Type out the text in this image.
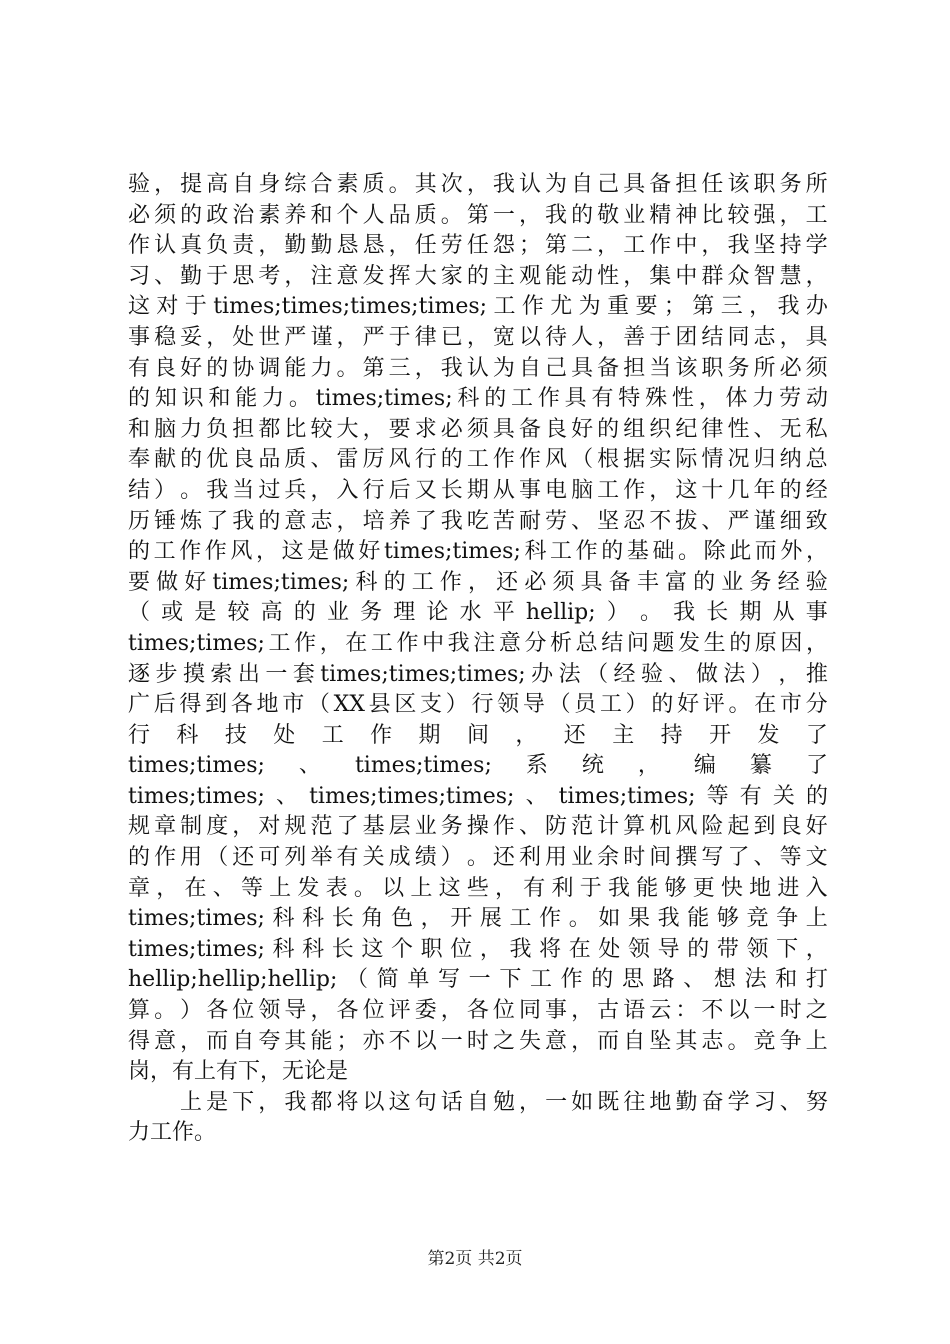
验 ， 提 高 自 身 综 合 素 质 。 其 次 ， 我 认 为 自 己 具 备 担 任 该 职 务 所
必 须 的 政 治 素 养 和 个 人 品 质 。 第 一 ， 我 的 敬 业 精 神 比 较 强 ， 工
作 认 真 负 责 ， 勤 勤 恳 恳 ， 任 劳 任 怨 ； 第 二 ， 工 作 中 ， 我 坚 持 学
习 、 勤 于 思 考 ， 注 意 发 挥 大 家 的 主 观 能 动 性 ， 集 中 群 众 智 慧 ，
这 对 于 times;times;times;times; 工 作 尤 为 重 要 ； 第 三 ， 我 办
事 稳 妥 ， 处 世 严 谨 ， 严 于 律 已 ， 宽 以 待 人 ， 善 于 团 结 同 志 ， 具
有 良 好 的 协 调 能 力 。 第 三 ， 我 认 为 自 己 具 备 担 当 该 职 务 所 必 须
的 知 识 和 能 力 。 times;times; 科 的 工 作 具 有 特 殊 性 ， 体 力 劳 动
和 脑 力 负 担 都 比 较 大 ， 要 求 必 须 具 备 良 好 的 组 织 纪 律 性 、 无 私
奉 献 的 优 良 品 质 、 雷 厉 风 行 的 工 作 作 风 （ 根 据 实 际 情 况 归 纳 总
结 ） 。 我 当 过 兵 ， 入 行 后 又 长 期 从 事 电 脑 工 作 ， 这 十 几 年 的 经
历 锤 炼 了 我 的 意 志 ， 培 养 了 我 吃 苦 耐 劳 、 坚 忍 不 拔 、 严 谨 细 致
的 工 作 作 风 ， 这 是 做 好 times;times; 科 工 作 的 基 础 。 除 此 而 外 ，
要 做 好 times;times; 科 的 工 作 ， 还 必 须 具 备 丰 富 的 业 务 经 验
（ 或 是 较 高 的 业 务 理 论 水 平 hellip; ） 。 我 长 期 从 事
times;times; 工 作 ， 在 工 作 中 我 注 意 分 析 总 结 问 题 发 生 的 原 因 ，
逐 步 摸 索 出 一 套 times;times;times; 办 法 （ 经 验 、 做 法 ） ， 推
广 后 得 到 各 地 市 （ XX 县 区 支 ） 行 领 导 （ 员 工 ） 的 好 评 。 在 市 分
行 科 技 处 工 作 期 间 ， 还 主 持 开 发 了
times;times; 、 times;times; 系 统 ， 编 纂 了
times;times; 、 times;times;times; 、 times;times; 等 有 关 的
规 章 制 度 ， 对 规 范 了 基 层 业 务 操 作 、 防 范 计 算 机 风 险 起 到 良 好
的 作 用 （ 还 可 列 举 有 关 成 绩 ） 。 还 利 用 业 余 时 间 撰 写 了 、 等 文
章 ， 在 、 等 上 发 表 。 以 上 这 些 ， 有 利 于 我 能 够 更 快 地 进 入
times;times; 科 科 长 角 色 ， 开 展 工 作 。 如 果 我 能 够 竞 争 上
times;times; 科 科 长 这 个 职 位 ， 我 将 在 处 领 导 的 带 领 下 ，
hellip;hellip;hellip; （ 简 单 写 一 下 工 作 的 思 路 、 想 法 和 打
算 。 ） 各 位 领 导 ， 各 位 评 委 ， 各 位 同 事 ， 古 语 云 ： 不 以 一 时 之
得 意 ， 而 自 夸 其 能 ； 亦 不 以 一 时 之 失 意 ， 而 自 坠 其 志 。 竞 争 上
岗，有上有下，无论是
上 是 下 ， 我 都 将 以 这 句 话 自 勉 ， 一 如 既 往 地 勤 奋 学 习 、 努
力工作。
第2页 共2页
